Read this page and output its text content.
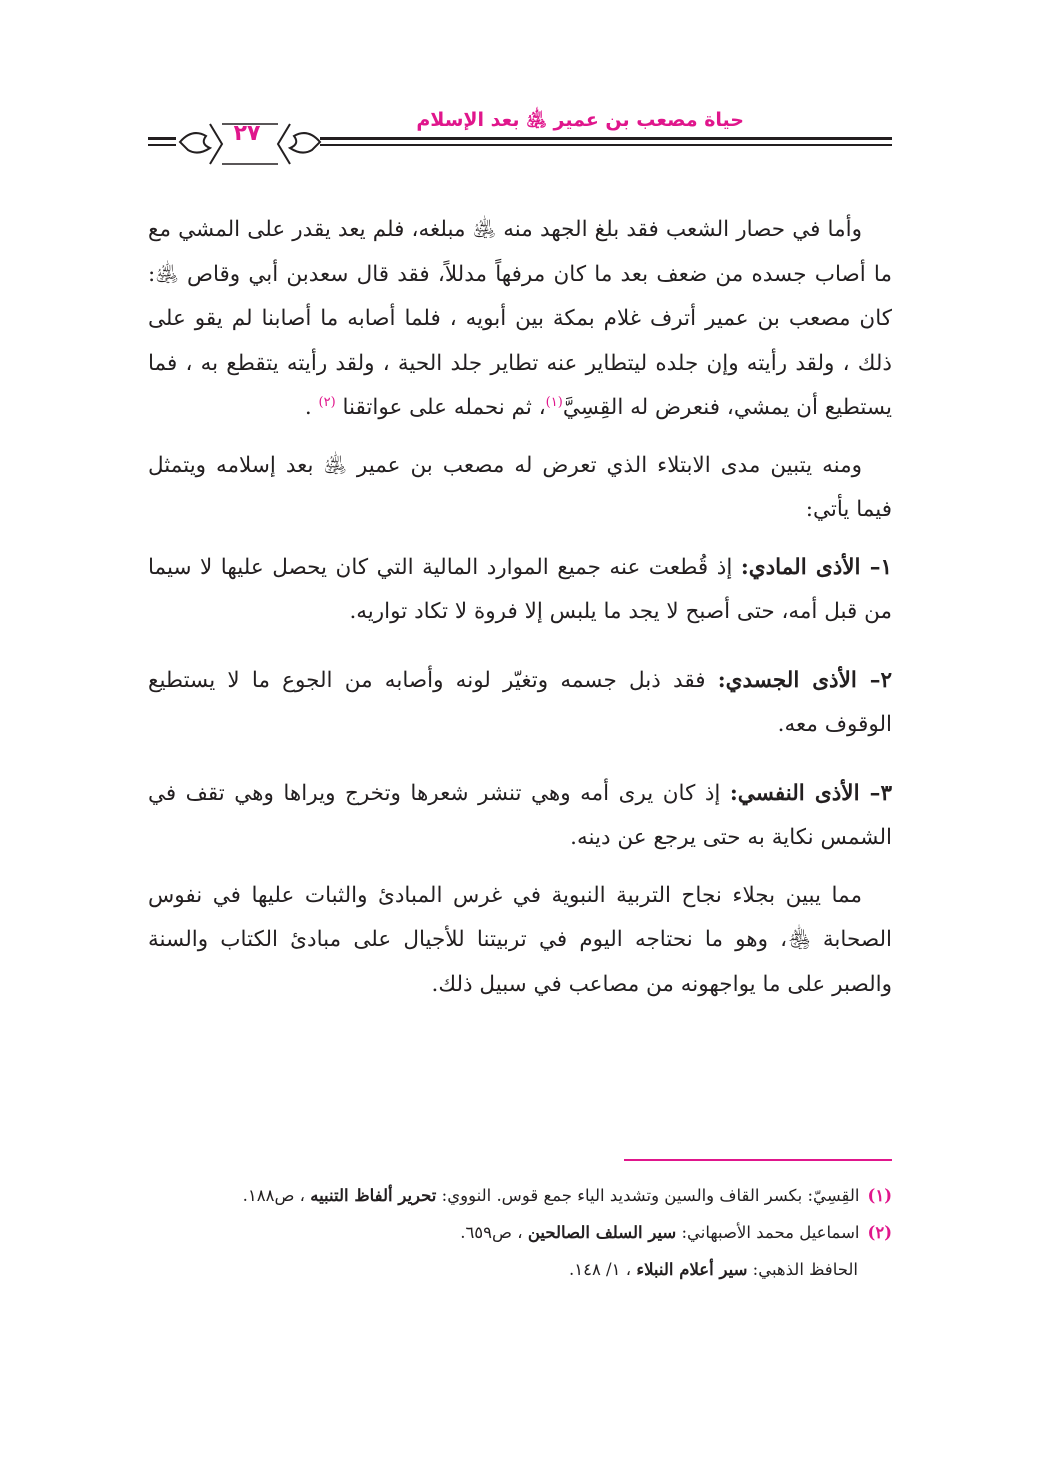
حياة مصعب بن عمير ﵁ بعد الإسلام
٢٧

وأما في حصار الشعب فقد بلغ الجهد منه ﵁ مبلغه، فلم يعد يقدر على المشي مع ما أصاب جسده من ضعف بعد ما كان مرفهاً مدللاً، فقد قال سعدبن أبي وقاص ﵁: كان مصعب بن عمير أترف غلام بمكة بين أبويه ، فلما أصابه ما أصابنا لم يقو على ذلك ، ولقد رأيته وإن جلده ليتطاير عنه تطاير جلد الحية ، ولقد رأيته يتقطع به ، فما يستطيع أن يمشي، فنعرض له القِسِيَّ$^{(١)}$، ثم نحمله على عواتقنا $^{(٢)}$ .

ومنه يتبين مدى الابتلاء الذي تعرض له مصعب بن عمير ﵁ بعد إسلامه ويتمثل فيما يأتي:

١– الأذى المادي: إذ قُطعت عنه جميع الموارد المالية التي كان يحصل عليها لا سيما من قبل أمه، حتى أصبح لا يجد ما يلبس إلا فروة لا تكاد تواريه.

٢– الأذى الجسدي: فقد ذبل جسمه وتغيّر لونه وأصابه من الجوع ما لا يستطيع الوقوف معه.

٣– الأذى النفسي: إذ كان يرى أمه وهي تنشر شعرها وتخرج ويراها وهي تقف في الشمس نكاية به حتى يرجع عن دينه.

مما يبين بجلاء نجاح التربية النبوية في غرس المبادئ والثبات عليها في نفوس الصحابة ﵃، وهو ما نحتاجه اليوم في تربيتنا للأجيال على مبادئ الكتاب والسنة والصبر على ما يواجهونه من مصاعب في سبيل ذلك.

(١)القِسِيّ: بكسر القاف والسين وتشديد الياء جمع قوس. النووي: تحرير ألفاظ التنبيه ، ص١٨٨.
(٢)اسماعيل محمد الأصبهاني: سير السلف الصالحين ، ص٦٥٩.
الحافظ الذهبي: سير أعلام النبلاء ، ١/ ١٤٨.
